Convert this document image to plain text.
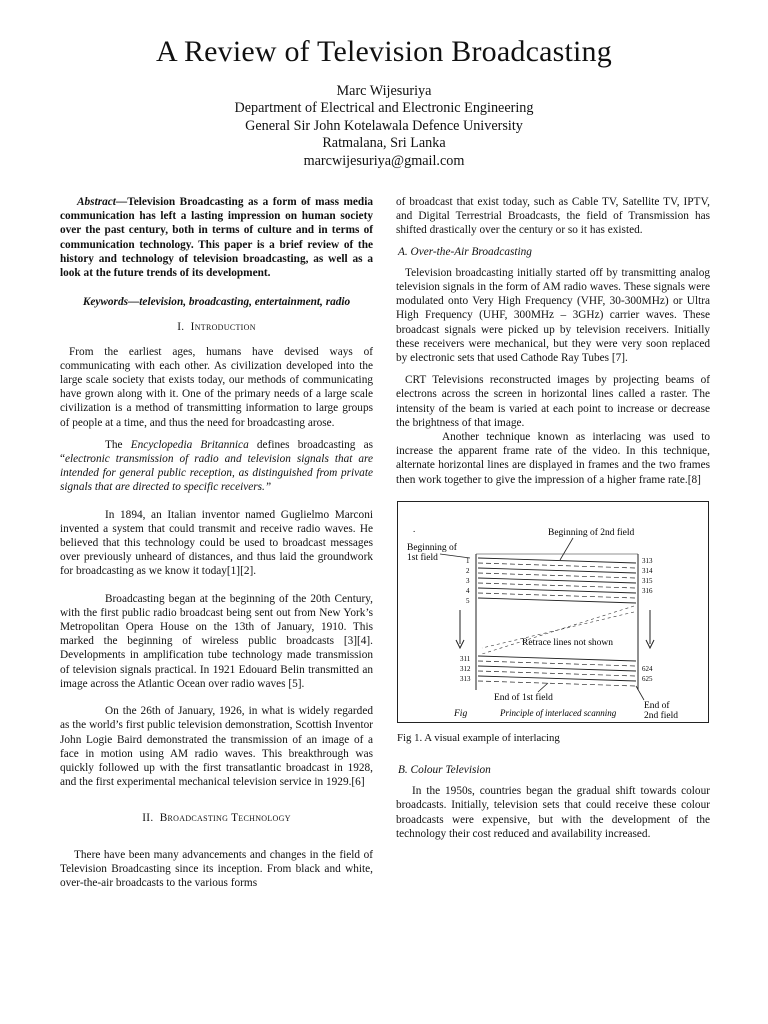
A Review of Television Broadcasting
Marc Wijesuriya
Department of Electrical and Electronic Engineering
General Sir John Kotelawala Defence University
Ratmalana, Sri Lanka
marcwijesuriya@gmail.com

Abstract—Television Broadcasting as a form of mass media communication has left a lasting impression on human society over the past century, both in terms of culture and in terms of communication technology. This paper is a brief review of the history and technology of television broadcasting, as well as a look at the future trends of its development.

Keywords—television, broadcasting, entertainment, radio

I. Introduction

From the earliest ages, humans have devised ways of communicating with each other. As civilization developed into the large scale society that exists today, our methods of communicating have grown along with it. One of the primary needs of a large scale civilization is a method of transmitting information to large groups of people at a time, and thus the need for broadcasting arose.

The Encyclopedia Britannica defines broadcasting as “electronic transmission of radio and television signals that are intended for general public reception, as distinguished from private signals that are directed to specific receivers.”

In 1894, an Italian inventor named Guglielmo Marconi invented a system that could transmit and receive radio waves. He believed that this technology could be used to broadcast messages over previously unheard of distances, and thus laid the groundwork for broadcasting as we know it today[1][2].

Broadcasting began at the beginning of the 20th Century, with the first public radio broadcast being sent out from New York’s Metropolitan Opera House on the 13th of January, 1910. This marked the beginning of wireless public broadcasts [3][4]. Developments in amplification tube technology made transmission of television signals practical. In 1921 Edouard Belin transmitted an image across the Atlantic Ocean over radio waves [5].

On the 26th of January, 1926, in what is widely regarded as the world’s first public television demonstration, Scottish Inventor John Logie Baird demonstrated the transmission of an image of a face in motion using AM radio waves. This breakthrough was quickly followed up with the first transatlantic broadcast in 1928, and the first experimental mechanical television service in 1929.[6]

II. Broadcasting Technology

There have been many advancements and changes in the field of Television Broadcasting since its inception. From black and white, over-the-air broadcasts to the various forms

of broadcast that exist today, such as Cable TV, Satellite TV, IPTV, and Digital Terrestrial Broadcasts, the field of Transmission has shifted drastically over the century or so it has existed.

A. Over-the-Air Broadcasting

Television broadcasting initially started off by transmitting analog television signals in the form of AM radio waves. These signals were modulated onto Very High Frequency (VHF, 30-300MHz) or Ultra High Frequency (UHF, 300MHz – 3GHz) carrier waves. These broadcast signals were picked up by television receivers. Initially these receivers were mechanical, but they were very soon replaced by electronic sets that used Cathode Ray Tubes [7].

CRT Televisions reconstructed images by projecting beams of electrons across the screen in horizontal lines called a raster. The intensity of the beam is varied at each point to increase or decrease the brightness of that image.

Another technique known as interlacing was used to increase the apparent frame rate of the video. In this technique, alternate horizontal lines are displayed in frames and the two frames then work together to give the impression of a higher frame rate.[8]

.
Beginning of
1st field
Beginning of 2nd field
1
2
3
4
5
313
314
315
316
Retrace lines not shown
311
312
313
624
625
End of 1st field
End of
2nd field
Fig	Principle of interlaced scanning
Fig 1. A visual example of interlacing
B. Colour Television

In the 1950s, countries began the gradual shift towards colour broadcasts. Initially, television sets that could receive these colour broadcasts were expensive, but with the development of the technology their cost reduced and availability increased.
